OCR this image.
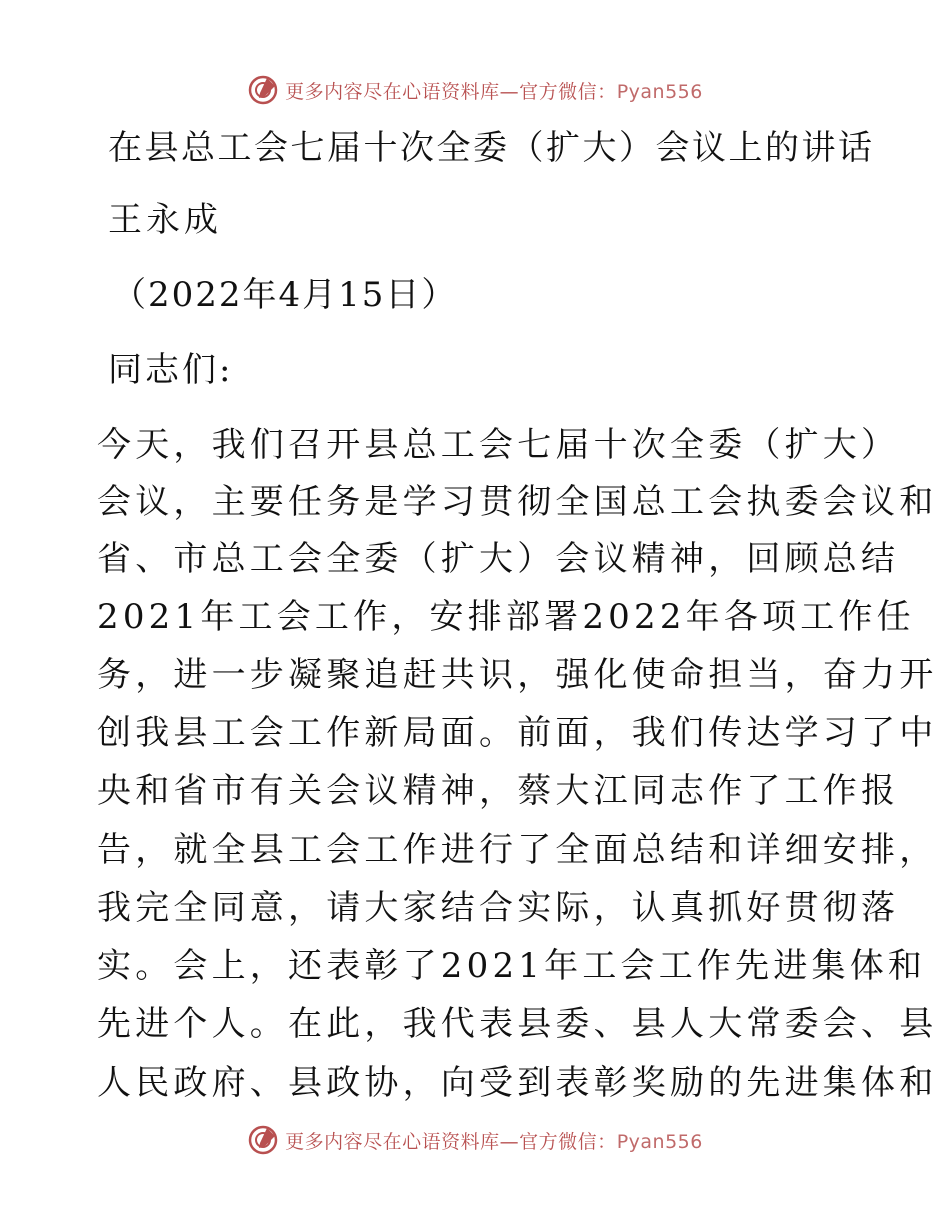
更多内容尽在心语资料库—官方微信：Pyan556
在县总工会七届十次全委（扩大）会议上的讲话
王永成
（2022年4月15日）
同志们:
今天，我们召开县总工会七届十次全委（扩大）
会议，主要任务是学习贯彻全国总工会执委会议和
省、市总工会全委（扩大）会议精神，回顾总结
2021年工会工作，安排部署2022年各项工作任
务，进一步凝聚追赶共识，强化使命担当，奋力开
创我县工会工作新局面。前面，我们传达学习了中
央和省市有关会议精神，蔡大江同志作了工作报
告，就全县工会工作进行了全面总结和详细安排，
我完全同意，请大家结合实际，认真抓好贯彻落
实。会上，还表彰了2021年工会工作先进集体和
先进个人。在此，我代表县委、县人大常委会、县
人民政府、县政协，向受到表彰奖励的先进集体和
更多内容尽在心语资料库—官方微信：Pyan556
